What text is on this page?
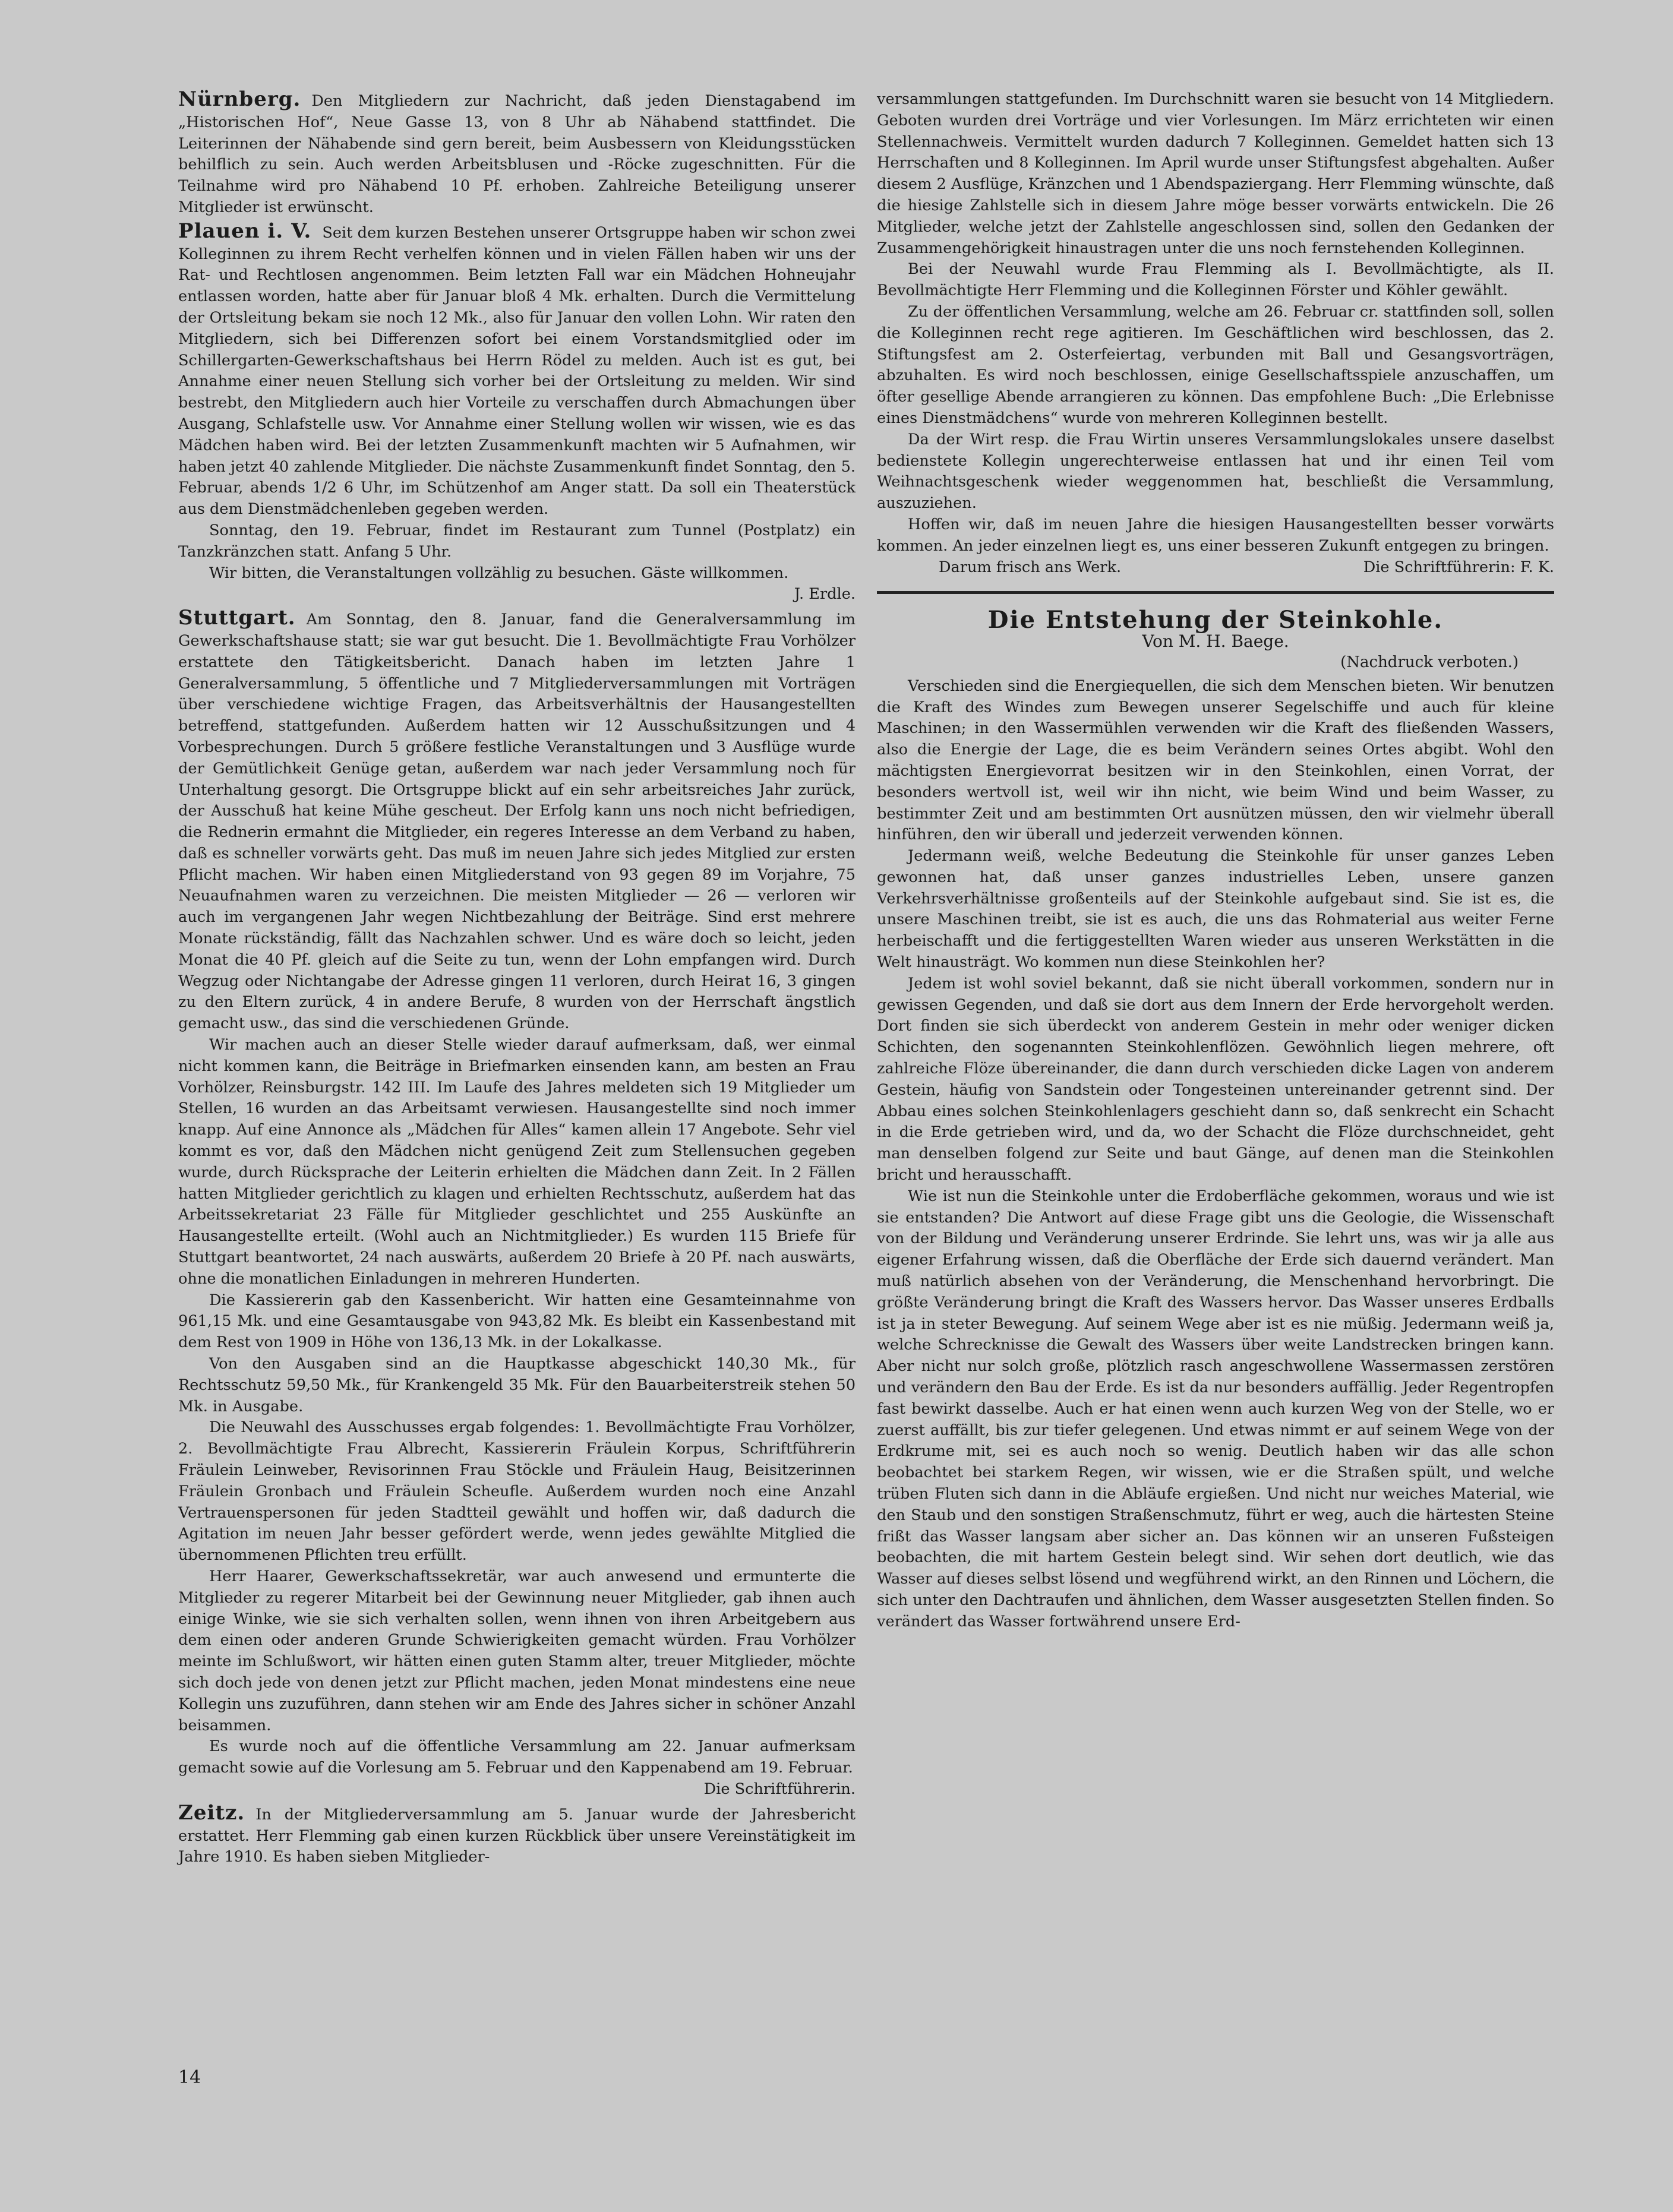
Nürnberg. Den Mitgliedern zur Nachricht, daß jeden Dienstagabend im „Historischen Hof“, Neue Gasse 13, von 8 Uhr ab Nähabend stattfindet. Die Leiterinnen der Nähabende sind gern bereit, beim Ausbessern von Kleidungsstücken behilflich zu sein. Auch werden Arbeitsblusen und -Röcke zugeschnitten. Für die Teilnahme wird pro Nähabend 10 Pf. erhoben. Zahlreiche Beteiligung unserer Mitglieder ist erwünscht.

Plauen i. V. Seit dem kurzen Bestehen unserer Ortsgruppe haben wir schon zwei Kolleginnen zu ihrem Recht verhelfen können und in vielen Fällen haben wir uns der Rat- und Rechtlosen angenommen. Beim letzten Fall war ein Mädchen Hohneujahr entlassen worden, hatte aber für Januar bloß 4 Mk. erhalten. Durch die Vermittelung der Ortsleitung bekam sie noch 12 Mk., also für Januar den vollen Lohn. Wir raten den Mitgliedern, sich bei Differenzen sofort bei einem Vorstandsmitglied oder im Schillergarten-Gewerkschaftshaus bei Herrn Rödel zu melden. Auch ist es gut, bei Annahme einer neuen Stellung sich vorher bei der Ortsleitung zu melden. Wir sind bestrebt, den Mitgliedern auch hier Vorteile zu verschaffen durch Abmachungen über Ausgang, Schlafstelle usw. Vor Annahme einer Stellung wollen wir wissen, wie es das Mädchen haben wird. Bei der letzten Zusammenkunft machten wir 5 Aufnahmen, wir haben jetzt 40 zahlende Mitglieder. Die nächste Zusammenkunft findet Sonntag, den 5. Februar, abends 1/2 6 Uhr, im Schützenhof am Anger statt. Da soll ein Theaterstück aus dem Dienstmädchenleben gegeben werden.

Sonntag, den 19. Februar, findet im Restaurant zum Tunnel (Postplatz) ein Tanzkränzchen statt. Anfang 5 Uhr.

Wir bitten, die Veranstaltungen vollzählig zu besuchen. Gäste willkommen.

J. Erdle.

Stuttgart. Am Sonntag, den 8. Januar, fand die Generalversammlung im Gewerkschaftshause statt; sie war gut besucht. Die 1. Bevollmächtigte Frau Vorhölzer erstattete den Tätigkeitsbericht. Danach haben im letzten Jahre 1 Generalversammlung, 5 öffentliche und 7 Mitgliederversammlungen mit Vorträgen über verschiedene wichtige Fragen, das Arbeitsverhältnis der Hausangestellten betreffend, stattgefunden. Außerdem hatten wir 12 Ausschußsitzungen und 4 Vorbesprechungen. Durch 5 größere festliche Veranstaltungen und 3 Ausflüge wurde der Gemütlichkeit Genüge getan, außerdem war nach jeder Versammlung noch für Unterhaltung gesorgt. Die Ortsgruppe blickt auf ein sehr arbeitsreiches Jahr zurück, der Ausschuß hat keine Mühe gescheut. Der Erfolg kann uns noch nicht befriedigen, die Rednerin ermahnt die Mitglieder, ein regeres Interesse an dem Verband zu haben, daß es schneller vorwärts geht. Das muß im neuen Jahre sich jedes Mitglied zur ersten Pflicht machen. Wir haben einen Mitgliederstand von 93 gegen 89 im Vorjahre, 75 Neuaufnahmen waren zu verzeichnen. Die meisten Mitglieder — 26 — verloren wir auch im vergangenen Jahr wegen Nichtbezahlung der Beiträge. Sind erst mehrere Monate rückständig, fällt das Nachzahlen schwer. Und es wäre doch so leicht, jeden Monat die 40 Pf. gleich auf die Seite zu tun, wenn der Lohn empfangen wird. Durch Wegzug oder Nichtangabe der Adresse gingen 11 verloren, durch Heirat 16, 3 gingen zu den Eltern zurück, 4 in andere Berufe, 8 wurden von der Herrschaft ängstlich gemacht usw., das sind die verschiedenen Gründe.

Wir machen auch an dieser Stelle wieder darauf aufmerksam, daß, wer einmal nicht kommen kann, die Beiträge in Briefmarken einsenden kann, am besten an Frau Vorhölzer, Reinsburgstr. 142 III. Im Laufe des Jahres meldeten sich 19 Mitglieder um Stellen, 16 wurden an das Arbeitsamt verwiesen. Hausangestellte sind noch immer knapp. Auf eine Annonce als „Mädchen für Alles“ kamen allein 17 Angebote. Sehr viel kommt es vor, daß den Mädchen nicht genügend Zeit zum Stellensuchen gegeben wurde, durch Rücksprache der Leiterin erhielten die Mädchen dann Zeit. In 2 Fällen hatten Mitglieder gerichtlich zu klagen und erhielten Rechtsschutz, außerdem hat das Arbeitssekretariat 23 Fälle für Mitglieder geschlichtet und 255 Auskünfte an Hausangestellte erteilt. (Wohl auch an Nichtmitglieder.) Es wurden 115 Briefe für Stuttgart beantwortet, 24 nach auswärts, außerdem 20 Briefe à 20 Pf. nach auswärts, ohne die monatlichen Einladungen in mehreren Hunderten.

Die Kassiererin gab den Kassenbericht. Wir hatten eine Gesamteinnahme von 961,15 Mk. und eine Gesamtausgabe von 943,82 Mk. Es bleibt ein Kassenbestand mit dem Rest von 1909 in Höhe von 136,13 Mk. in der Lokalkasse.

Von den Ausgaben sind an die Hauptkasse abgeschickt 140,30 Mk., für Rechtsschutz 59,50 Mk., für Krankengeld 35 Mk. Für den Bauarbeiterstreik stehen 50 Mk. in Ausgabe.

Die Neuwahl des Ausschusses ergab folgendes: 1. Bevollmächtigte Frau Vorhölzer, 2. Bevollmächtigte Frau Albrecht, Kassiererin Fräulein Korpus, Schriftführerin Fräulein Leinweber, Revisorinnen Frau Stöckle und Fräulein Haug, Beisitzerinnen Fräulein Gronbach und Fräulein Scheufle. Außerdem wurden noch eine Anzahl Vertrauenspersonen für jeden Stadtteil gewählt und hoffen wir, daß dadurch die Agitation im neuen Jahr besser gefördert werde, wenn jedes gewählte Mitglied die übernommenen Pflichten treu erfüllt.

Herr Haarer, Gewerkschaftssekretär, war auch anwesend und ermunterte die Mitglieder zu regerer Mitarbeit bei der Gewinnung neuer Mitglieder, gab ihnen auch einige Winke, wie sie sich verhalten sollen, wenn ihnen von ihren Arbeitgebern aus dem einen oder anderen Grunde Schwierigkeiten gemacht würden. Frau Vorhölzer meinte im Schlußwort, wir hätten einen guten Stamm alter, treuer Mitglieder, möchte sich doch jede von denen jetzt zur Pflicht machen, jeden Monat mindestens eine neue Kollegin uns zuzuführen, dann stehen wir am Ende des Jahres sicher in schöner Anzahl beisammen.

Es wurde noch auf die öffentliche Versammlung am 22. Januar aufmerksam gemacht sowie auf die Vorlesung am 5. Februar und den Kappenabend am 19. Februar.

Die Schriftführerin.

Zeitz. In der Mitgliederversammlung am 5. Januar wurde der Jahresbericht erstattet. Herr Flemming gab einen kurzen Rückblick über unsere Vereinstätigkeit im Jahre 1910. Es haben sieben Mitglieder-

versammlungen stattgefunden. Im Durchschnitt waren sie besucht von 14 Mitgliedern. Geboten wurden drei Vorträge und vier Vorlesungen. Im März errichteten wir einen Stellennachweis. Vermittelt wurden dadurch 7 Kolleginnen. Gemeldet hatten sich 13 Herrschaften und 8 Kolleginnen. Im April wurde unser Stiftungsfest abgehalten. Außer diesem 2 Ausflüge, Kränzchen und 1 Abendspaziergang. Herr Flemming wünschte, daß die hiesige Zahlstelle sich in diesem Jahre möge besser vorwärts entwickeln. Die 26 Mitglieder, welche jetzt der Zahlstelle angeschlossen sind, sollen den Gedanken der Zusammengehörigkeit hinaustragen unter die uns noch fernstehenden Kolleginnen.

Bei der Neuwahl wurde Frau Flemming als I. Bevollmächtigte, als II. Bevollmächtigte Herr Flemming und die Kolleginnen Förster und Köhler gewählt.

Zu der öffentlichen Versammlung, welche am 26. Februar cr. stattfinden soll, sollen die Kolleginnen recht rege agitieren. Im Geschäftlichen wird beschlossen, das 2. Stiftungsfest am 2. Osterfeiertag, verbunden mit Ball und Gesangsvorträgen, abzuhalten. Es wird noch beschlossen, einige Gesellschaftsspiele anzuschaffen, um öfter gesellige Abende arrangieren zu können. Das empfohlene Buch: „Die Erlebnisse eines Dienstmädchens“ wurde von mehreren Kolleginnen bestellt.

Da der Wirt resp. die Frau Wirtin unseres Versammlungslokales unsere daselbst bedienstete Kollegin ungerechterweise entlassen hat und ihr einen Teil vom Weihnachtsgeschenk wieder weggenommen hat, beschließt die Versammlung, auszuziehen.

Hoffen wir, daß im neuen Jahre die hiesigen Hausangestellten besser vorwärts kommen. An jeder einzelnen liegt es, uns einer besseren Zukunft entgegen zu bringen.

Darum frisch ans Werk.	Die Schriftführerin: F. K.

Die Entstehung der Steinkohle.

Von M. H. Baege.

(Nachdruck verboten.)

Verschieden sind die Energiequellen, die sich dem Menschen bieten. Wir benutzen die Kraft des Windes zum Bewegen unserer Segelschiffe und auch für kleine Maschinen; in den Wassermühlen verwenden wir die Kraft des fließenden Wassers, also die Energie der Lage, die es beim Verändern seines Ortes abgibt. Wohl den mächtigsten Energievorrat besitzen wir in den Steinkohlen, einen Vorrat, der besonders wertvoll ist, weil wir ihn nicht, wie beim Wind und beim Wasser, zu bestimmter Zeit und am bestimmten Ort ausnützen müssen, den wir vielmehr überall hinführen, den wir überall und jederzeit verwenden können.

Jedermann weiß, welche Bedeutung die Steinkohle für unser ganzes Leben gewonnen hat, daß unser ganzes industrielles Leben, unsere ganzen Verkehrsverhältnisse großenteils auf der Steinkohle aufgebaut sind. Sie ist es, die unsere Maschinen treibt, sie ist es auch, die uns das Rohmaterial aus weiter Ferne herbeischafft und die fertiggestellten Waren wieder aus unseren Werkstätten in die Welt hinausträgt. Wo kommen nun diese Steinkohlen her?

Jedem ist wohl soviel bekannt, daß sie nicht überall vorkommen, sondern nur in gewissen Gegenden, und daß sie dort aus dem Innern der Erde hervorgeholt werden. Dort finden sie sich überdeckt von anderem Gestein in mehr oder weniger dicken Schichten, den sogenannten Steinkohlenflözen. Gewöhnlich liegen mehrere, oft zahlreiche Flöze übereinander, die dann durch verschieden dicke Lagen von anderem Gestein, häufig von Sandstein oder Tongesteinen untereinander getrennt sind. Der Abbau eines solchen Steinkohlenlagers geschieht dann so, daß senkrecht ein Schacht in die Erde getrieben wird, und da, wo der Schacht die Flöze durchschneidet, geht man denselben folgend zur Seite und baut Gänge, auf denen man die Steinkohlen bricht und herausschafft.

Wie ist nun die Steinkohle unter die Erdoberfläche gekommen, woraus und wie ist sie entstanden? Die Antwort auf diese Frage gibt uns die Geologie, die Wissenschaft von der Bildung und Veränderung unserer Erdrinde. Sie lehrt uns, was wir ja alle aus eigener Erfahrung wissen, daß die Oberfläche der Erde sich dauernd verändert. Man muß natürlich absehen von der Veränderung, die Menschenhand hervorbringt. Die größte Veränderung bringt die Kraft des Wassers hervor. Das Wasser unseres Erdballs ist ja in steter Bewegung. Auf seinem Wege aber ist es nie müßig. Jedermann weiß ja, welche Schrecknisse die Gewalt des Wassers über weite Landstrecken bringen kann. Aber nicht nur solch große, plötzlich rasch angeschwollene Wassermassen zerstören und verändern den Bau der Erde. Es ist da nur besonders auffällig. Jeder Regentropfen fast bewirkt dasselbe. Auch er hat einen wenn auch kurzen Weg von der Stelle, wo er zuerst auffällt, bis zur tiefer gelegenen. Und etwas nimmt er auf seinem Wege von der Erdkrume mit, sei es auch noch so wenig. Deutlich haben wir das alle schon beobachtet bei starkem Regen, wir wissen, wie er die Straßen spült, und welche trüben Fluten sich dann in die Abläufe ergießen. Und nicht nur weiches Material, wie den Staub und den sonstigen Straßenschmutz, führt er weg, auch die härtesten Steine frißt das Wasser langsam aber sicher an. Das können wir an unseren Fußsteigen beobachten, die mit hartem Gestein belegt sind. Wir sehen dort deutlich, wie das Wasser auf dieses selbst lösend und wegführend wirkt, an den Rinnen und Löchern, die sich unter den Dachtraufen und ähnlichen, dem Wasser ausgesetzten Stellen finden. So verändert das Wasser fortwährend unsere Erd-

14
